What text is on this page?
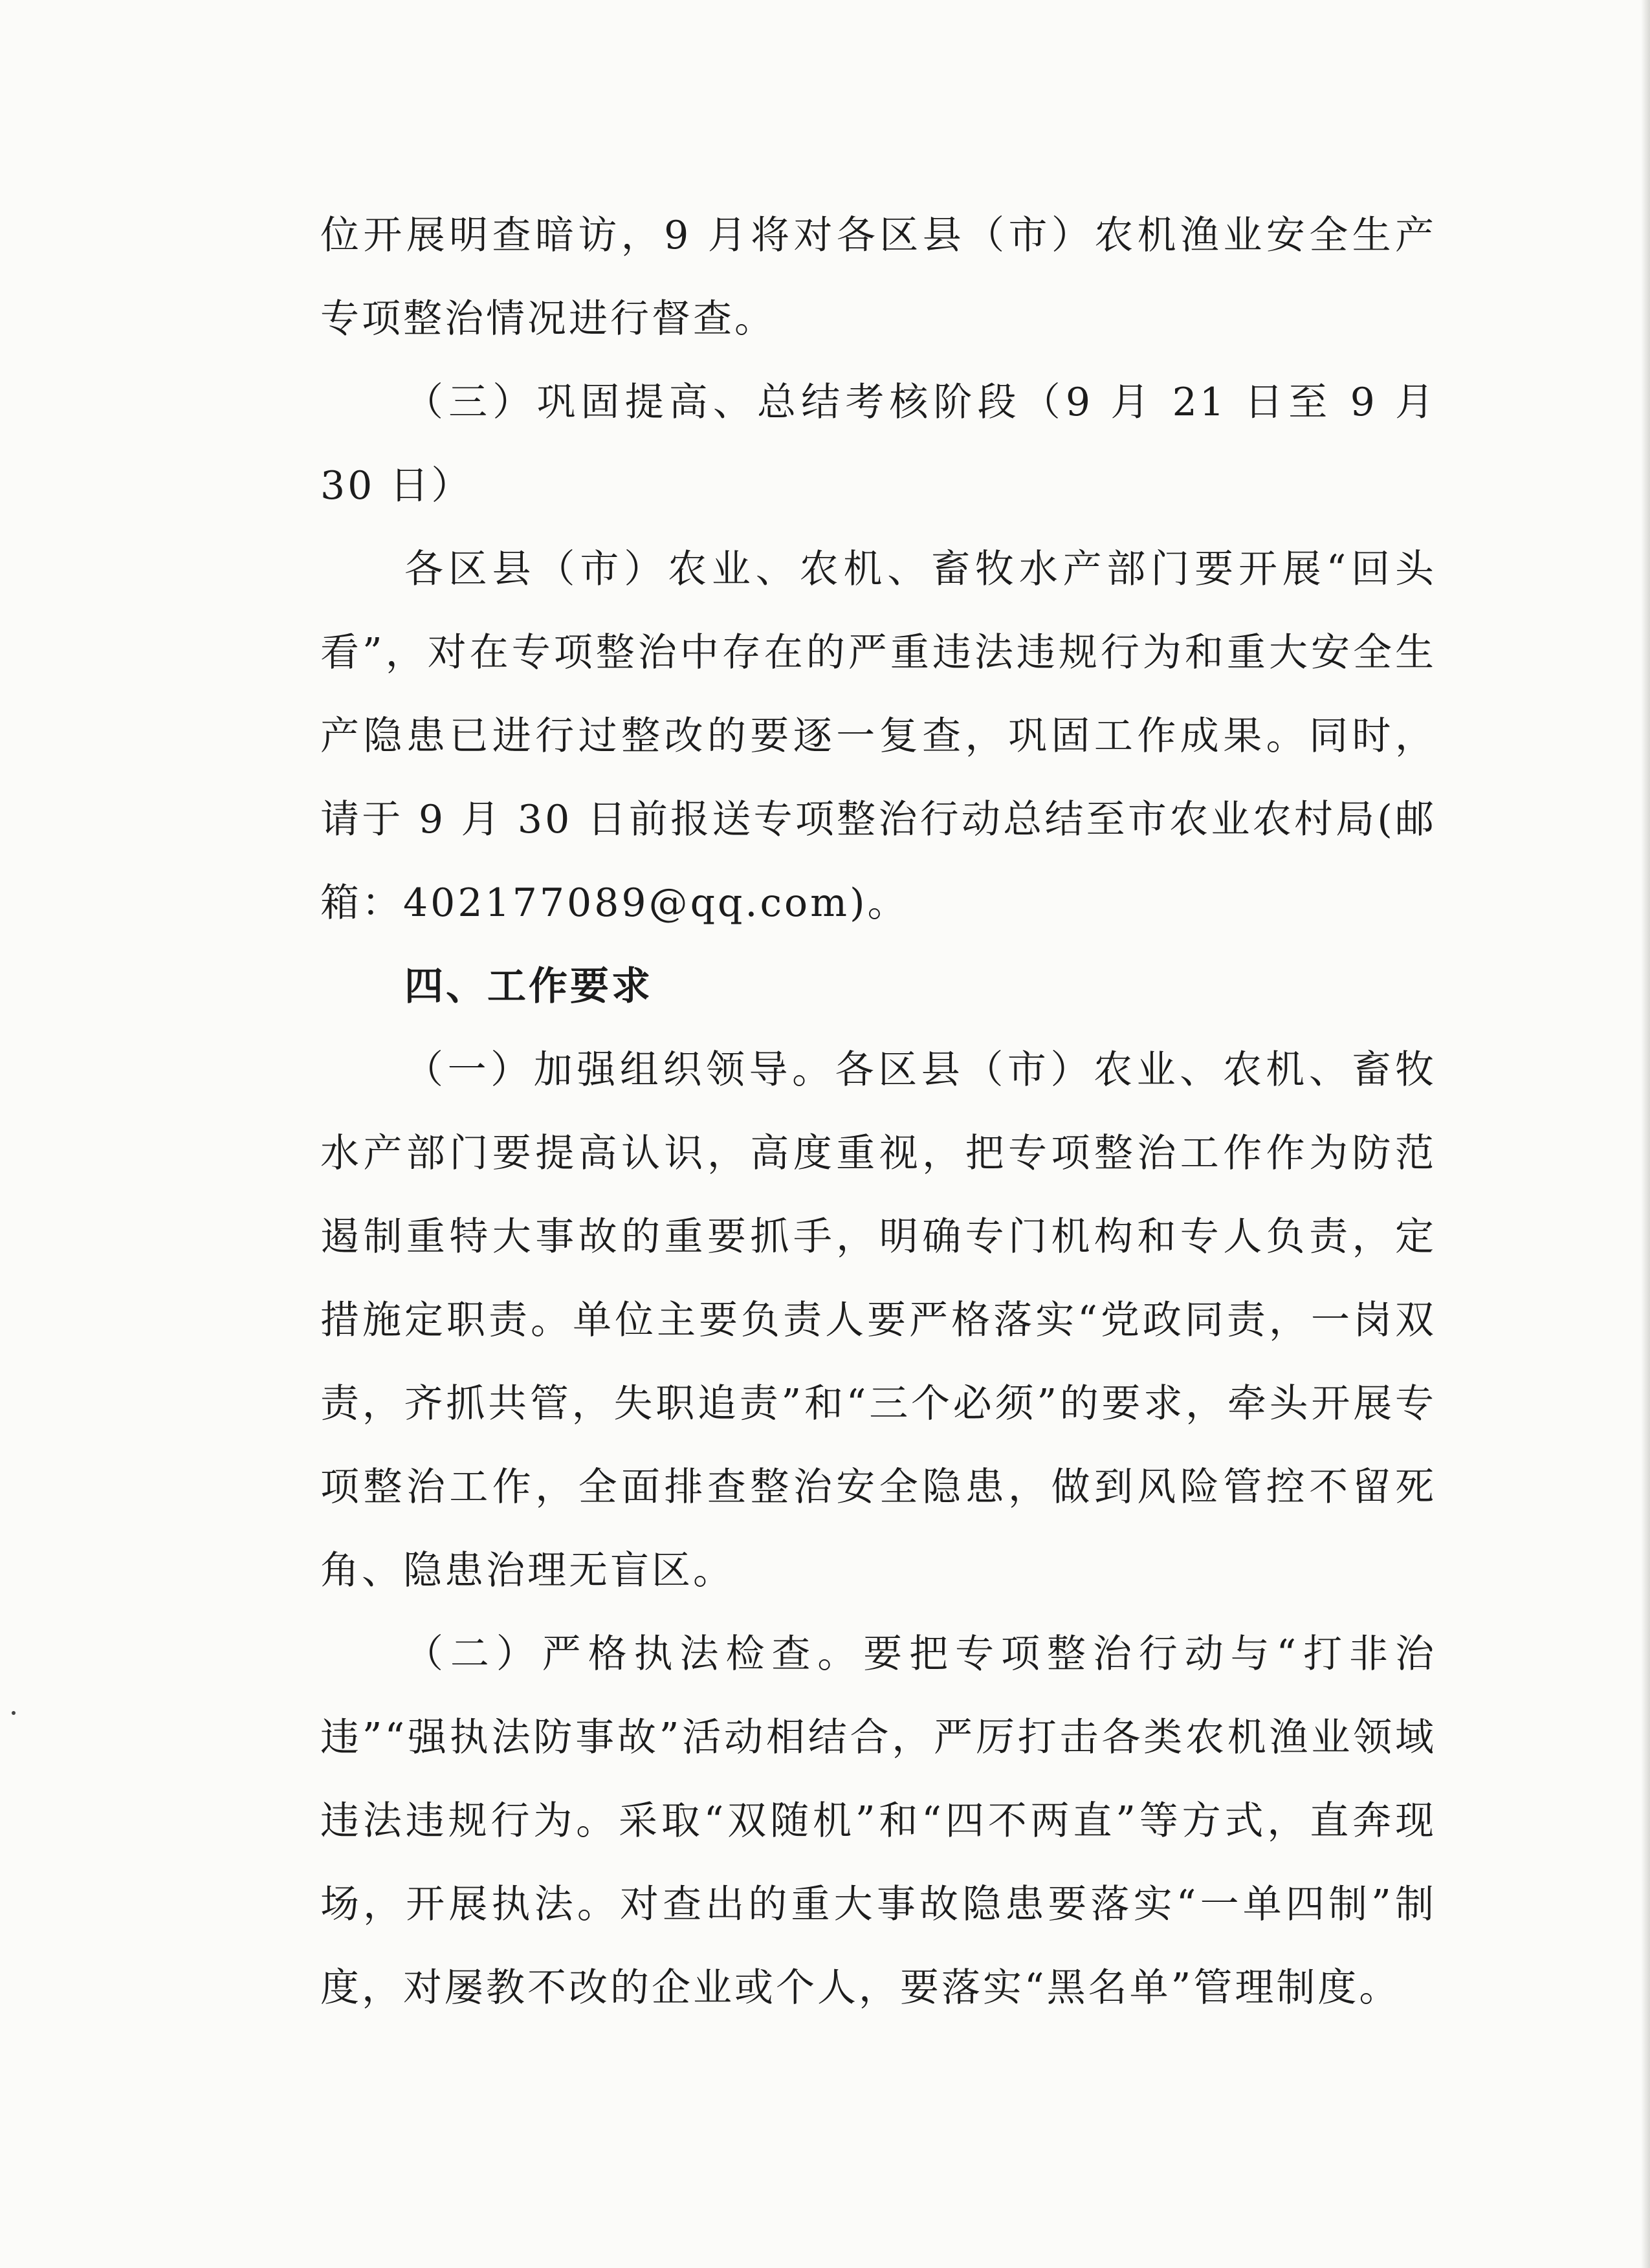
位开展明查暗访，9 月将对各区县（市）农机渔业安全生产专项整治情况进行督查。

（三）巩固提高、总结考核阶段（9 月 21 日至 9 月 30 日）

各区县（市）农业、农机、畜牧水产部门要开展“回头看”，对在专项整治中存在的严重违法违规行为和重大安全生产隐患已进行过整改的要逐一复查，巩固工作成果。同时，请于 9 月 30 日前报送专项整治行动总结至市农业农村局(邮箱：402177089@qq.com)。

四、工作要求

（一）加强组织领导。各区县（市）农业、农机、畜牧水产部门要提高认识，高度重视，把专项整治工作作为防范遏制重特大事故的重要抓手，明确专门机构和专人负责，定措施定职责。单位主要负责人要严格落实“党政同责，一岗双责，齐抓共管，失职追责”和“三个必须”的要求，牵头开展专项整治工作，全面排查整治安全隐患，做到风险管控不留死角、隐患治理无盲区。

（二）严格执法检查。要把专项整治行动与“打非治违”“强执法防事故”活动相结合，严厉打击各类农机渔业领域违法违规行为。采取“双随机”和“四不两直”等方式，直奔现场，开展执法。对查出的重大事故隐患要落实“一单四制”制度，对屡教不改的企业或个人，要落实“黑名单”管理制度。
